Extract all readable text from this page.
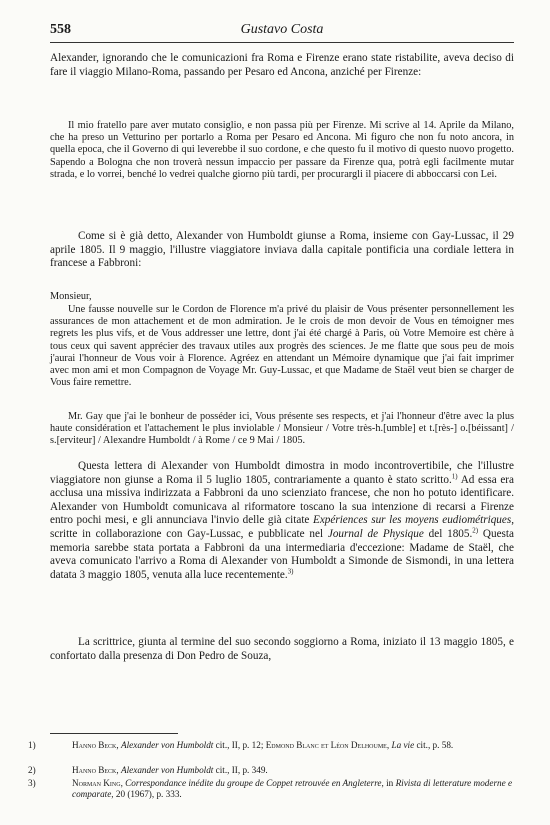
558	Gustavo Costa

Alexander, ignorando che le comunicazioni fra Roma e Firenze erano state ristabilite, aveva deciso di fare il viaggio Milano-Roma, passando per Pesaro ed Ancona, anziché per Firenze:

Il mio fratello pare aver mutato consiglio, e non passa più per Firenze. Mi scrive al 14. Aprile da Milano, che ha preso un Vetturino per portarlo a Roma per Pesaro ed Ancona. Mi figuro che non fu noto ancora, in quella epoca, che il Governo di qui leverebbe il suo cordone, e che questo fu il motivo di questo nuovo progetto. Sapendo a Bologna che non troverà nessun impaccio per passare da Firenze qua, potrà egli facilmente mutar strada, e lo vorrei, benché lo vedrei qualche giorno più tardi, per procurargli il piacere di abboccarsi con Lei.

Come si è già detto, Alexander von Humboldt giunse a Roma, insieme con Gay-Lussac, il 29 aprile 1805. Il 9 maggio, l'illustre viaggiatore inviava dalla capitale pontificia una cordiale lettera in francese a Fabbroni:

Monsieur,

Une fausse nouvelle sur le Cordon de Florence m'a privé du plaisir de Vous présenter personnellement les assurances de mon attachement et de mon admiration. Je le crois de mon devoir de Vous en témoigner mes regrets les plus vifs, et de Vous addresser une lettre, dont j'ai été chargé à Paris, où Votre Memoire est chère à tous ceux qui savent apprécier des travaux utiles aux progrès des sciences. Je me flatte que sous peu de mois j'aurai l'honneur de Vous voir à Florence. Agréez en attendant un Mémoire dynamique que j'ai fait imprimer avec mon ami et mon Compagnon de Voyage Mr. Guy-Lussac, et que Madame de Staël veut bien se charger de Vous faire remettre.

Mr. Gay que j'ai le bonheur de posséder ici, Vous présente ses respects, et j'ai l'honneur d'être avec la plus haute considération et l'attachement le plus inviolable / Monsieur / Votre très-h.[umble] et t.[rès-] o.[béissant] / s.[erviteur] / Alexandre Humboldt / à Rome / ce 9 Mai / 1805.

Questa lettera di Alexander von Humboldt dimostra in modo incontrovertibile, che l'illustre viaggiatore non giunse a Roma il 5 luglio 1805, contrariamente a quanto è stato scritto.$^{1)}$ Ad essa era acclusa una missiva indirizzata a Fabbroni da uno scienziato francese, che non ho potuto identificare. Alexander von Humboldt comunicava al riformatore toscano la sua intenzione di recarsi a Firenze entro pochi mesi, e gli annunciava l'invio delle già citate Expériences sur les moyens eudiométriques, scritte in collaborazione con Gay-Lussac, e pubblicate nel Journal de Physique del 1805.$^{2)}$ Questa memoria sarebbe stata portata a Fabbroni da una intermediaria d'eccezione: Madame de Staël, che aveva comunicato l'arrivo a Roma di Alexander von Humboldt a Simonde de Sismondi, in una lettera datata 3 maggio 1805, venuta alla luce recentemente.$^{3)}$

La scrittrice, giunta al termine del suo secondo soggiorno a Roma, iniziato il 13 maggio 1805, e confortato dalla presenza di Don Pedro de Souza,

1)	Hanno Beck, Alexander von Humboldt cit., II, p. 12; Edmond Blanc et Léon Delhoume, La vie cit., p. 58.

2)	Hanno Beck, Alexander von Humboldt cit., II, p. 349.

3)	Norman King, Correspondance inédite du groupe de Coppet retrouvée en Angleterre, in Rivista di letterature moderne e comparate, 20 (1967), p. 333.
